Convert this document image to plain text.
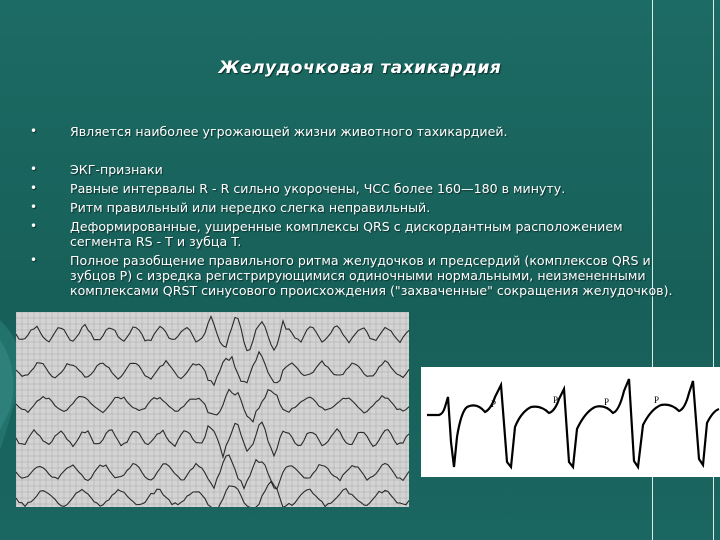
Желудочковая тахикардия
•	Является наиболее угрожающей жизни животного тахикардией.
•	ЭКГ-признаки
•	Равные интервалы R - R сильно укорочены, ЧСС более 160—180 в минуту.
•	Ритм правильный или нередко слегка неправильный.
•	Деформированные, уширенные комплексы QRS с дискордантным расположением сегмента RS - T и зубца T.
•	Полное разобщение правильного ритма желудочков и предсердий (комплексов QRS и зубцов P) с изредка регистрирующимися одиночными нормальными, неизмененными комплексами QRST синусового происхождения ("захваченные" сокращения желудочков).
P	P	P	P
